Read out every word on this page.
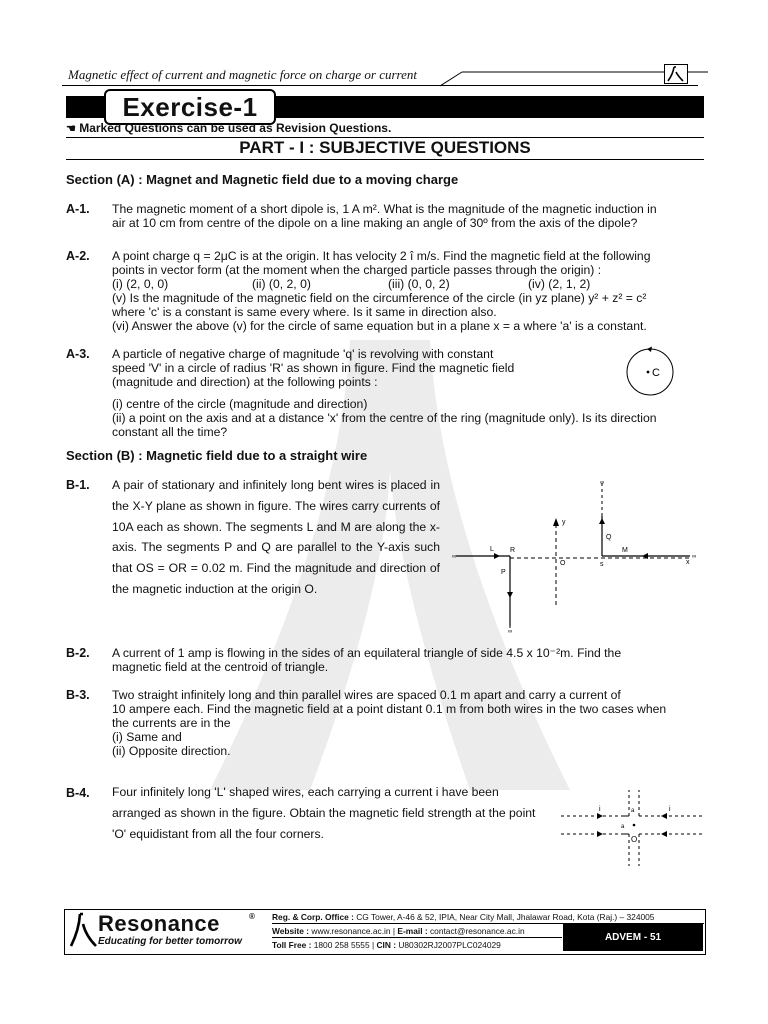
Magnetic effect of current and magnetic force on charge or current
Exercise-1
☚ Marked Questions can be used as Revision Questions.
PART - I : SUBJECTIVE QUESTIONS
Section (A) : Magnet and Magnetic field due to a moving charge
A-1. The magnetic moment of a short dipole is, 1 A m². What is the magnitude of the magnetic induction in

air at 10 cm from centre of the dipole on a line making an angle of 30º from the axis of the dipole?

A-2. A point charge q = 2μC is at the origin. It has velocity 2 î m/s. Find the magnetic field at the following

points in vector form (at the moment when the charged particle passes through the origin) :

(i) (2, 0, 0)	(ii) (0, 2, 0)	(iii) (0, 0, 2)	(iv) (2, 1, 2)

(v) Is the magnitude of the magnetic field on the circumference of the circle (in yz plane) y² + z² = c²

where 'c' is a constant is same every where. Is it same in direction also.

(vi) Answer the above (v) for the circle of same equation but in a plane x = a where 'a' is a constant.

A-3. A particle of negative charge of magnitude 'q' is revolving with constant

speed 'V' in a circle of radius 'R' as shown in figure. Find the magnetic field

(magnitude and direction) at the following points :

(i) centre of the circle (magnitude and direction)

(ii) a point on the axis and at a distance 'x' from the centre of the ring (magnitude only). Is its direction

constant all the time?

C
Section (B) : Magnetic field due to a straight wire
B-1. A pair of stationary and infinitely long bent wires is placed in the X-Y plane as shown in figure. The wires carry currents of 10A each as shown. The segments L and M are along the x-axis. The segments P and Q are parallel to the Y-axis such that OS = OR = 0.02 m. Find the magnitude and direction of the magnetic induction at the origin O.
y
x
∞
L R
P
∞
O
∞
Q
s
M
∞
B-2. A current of 1 amp is flowing in the sides of an equilateral triangle of side 4.5 x 10⁻²m. Find the

magnetic field at the centroid of triangle.

B-3. Two straight infinitely long and thin parallel wires are spaced 0.1 m apart and carry a current of

10 ampere each. Find the magnetic field at a point distant 0.1 m from both wires in the two cases when

the currents are in the

(i) Same and

(ii) Opposite direction.

B-4. Four infinitely long 'L' shaped wires, each carrying a current i have been arranged as shown in the figure. Obtain the magnetic field strength at the point 'O' equidistant from all the four corners.
i	i
a
a
O
Resonance	®
Educating for better tomorrow
Reg. & Corp. Office : CG Tower, A-46 & 52, IPIA, Near City Mall, Jhalawar Road, Kota (Raj.) – 324005
Website : www.resonance.ac.in | E-mail : contact@resonance.ac.in
Toll Free : 1800 258 5555 | CIN : U80302RJ2007PLC024029
ADVEM - 51
